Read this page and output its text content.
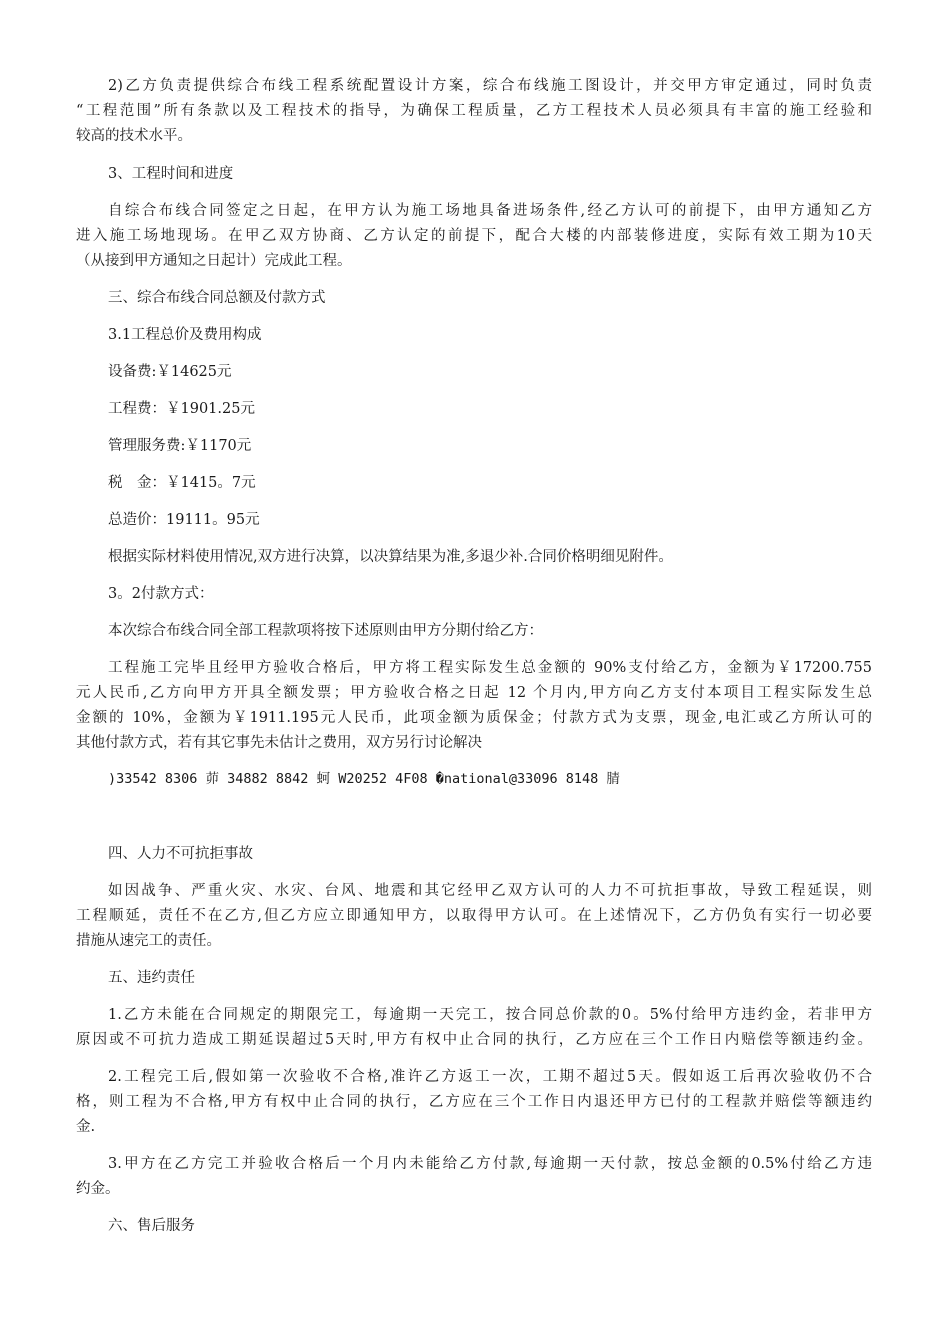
2)乙方负责提供综合布线工程系统配置设计方案，综合布线施工图设计，并交甲方审定通过，同时负责
“工程范围”所有条款以及工程技术的指导，为确保工程质量，乙方工程技术人员必须具有丰富的施工经验和
较高的技术水平。
3、工程时间和进度
自综合布线合同签定之日起，在甲方认为施工场地具备进场条件,经乙方认可的前提下，由甲方通知乙方
进入施工场地现场。在甲乙双方协商、乙方认定的前提下，配合大楼的内部装修进度，实际有效工期为10天
（从接到甲方通知之日起计）完成此工程。
三、综合布线合同总额及付款方式
3.1工程总价及费用构成
设备费:￥14625元
工程费：￥1901.25元
管理服务费:￥1170元
税　金：￥1415。7元
总造价：19111。95元
根据实际材料使用情况,双方进行决算，以决算结果为准,多退少补.合同价格明细见附件。
3。2付款方式：
本次综合布线合同全部工程款项将按下述原则由甲方分期付给乙方：
工程施工完毕且经甲方验收合格后，甲方将工程实际发生总金额的 90%支付给乙方，金额为￥17200.755
元人民币,乙方向甲方开具全额发票；甲方验收合格之日起 12 个月内,甲方向乙方支付本项目工程实际发生总
金额的 10%，金额为￥1911.195元人民币，此项金额为质保金；付款方式为支票，现金,电汇或乙方所认可的
其他付款方式，若有其它事先未估计之费用，双方另行讨论解决
)33542 8306 茆 34882 8842 蚵 W20252 4F08 �national@33096 8148 腈
四、人力不可抗拒事故
如因战争、严重火灾、水灾、台风、地震和其它经甲乙双方认可的人力不可抗拒事故，导致工程延误，则
工程顺延，责任不在乙方,但乙方应立即通知甲方，以取得甲方认可。在上述情况下，乙方仍负有实行一切必要
措施从速完工的责任。
五、违约责任
1.乙方未能在合同规定的期限完工，每逾期一天完工，按合同总价款的0。5%付给甲方违约金，若非甲方
原因或不可抗力造成工期延误超过5天时,甲方有权中止合同的执行，乙方应在三个工作日内赔偿等额违约金。
2.工程完工后,假如第一次验收不合格,准许乙方返工一次，工期不超过5天。假如返工后再次验收仍不合
格，则工程为不合格,甲方有权中止合同的执行，乙方应在三个工作日内退还甲方已付的工程款并赔偿等额违约
金.
3.甲方在乙方完工并验收合格后一个月内未能给乙方付款,每逾期一天付款，按总金额的0.5%付给乙方违
约金。
六、售后服务
